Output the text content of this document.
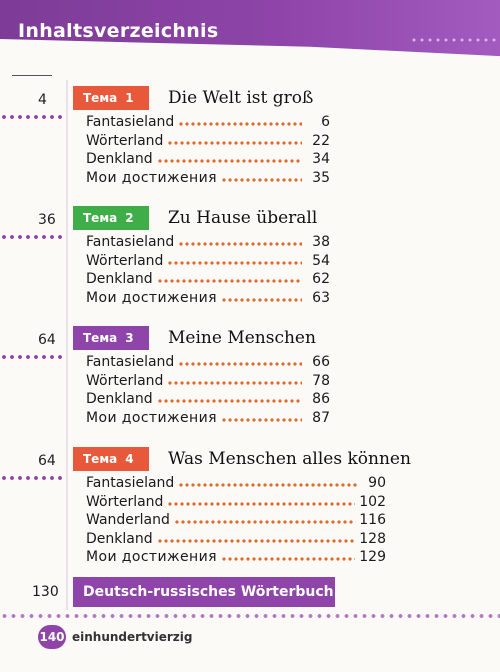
Inhaltsverzeichnis
4	Тема 1 Die Welt ist groß
Fantasieland	6
Wörterland	22
Denkland	34
Мои достижения	35
36 Тема 2 Zu Hause überall
Fantasieland	38
Wörterland	54
Denkland	62
Мои достижения	63
64 Тема 3 Meine Menschen
Fantasieland	66
Wörterland	78
Denkland	86
Мои достижения	87
64 Тема 4 Was Menschen alles können
Fantasieland	90
Wörterland	102
Wanderland	116
Denkland	128
Мои достижения	129
130	Deutsch-russisches Wörterbuch
140 einhundertvierzig
